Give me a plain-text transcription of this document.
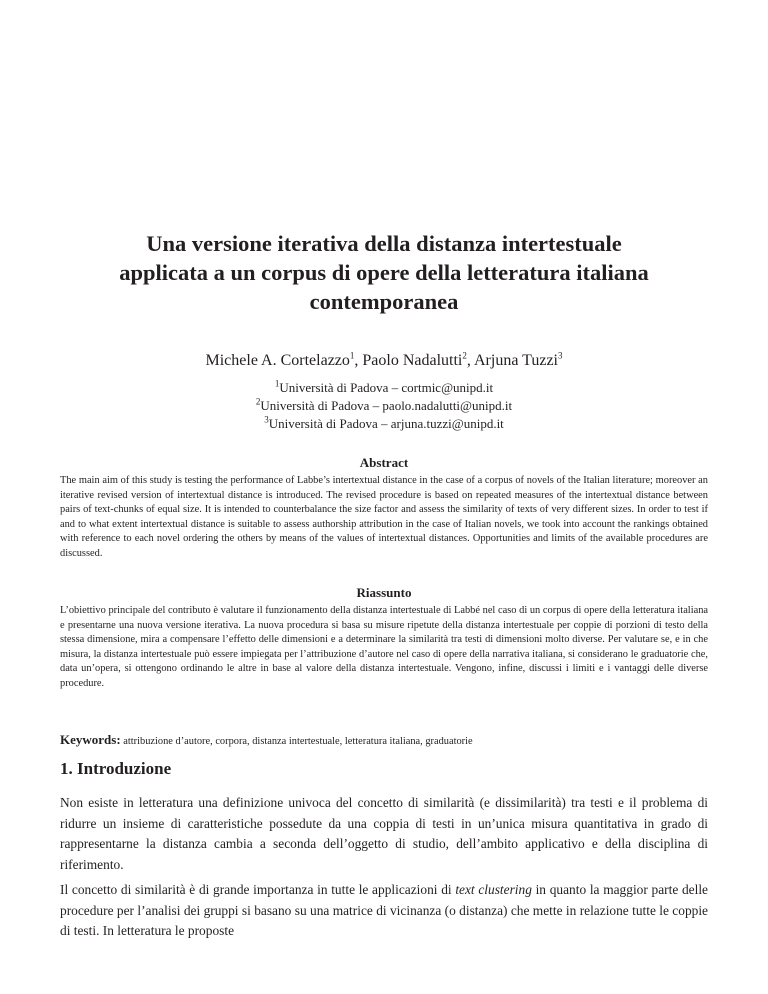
Una versione iterativa della distanza intertestuale
applicata a un corpus di opere della letteratura italiana
contemporanea

Michele A. Cortelazzo$^1$, Paolo Nadalutti$^2$, Arjuna Tuzzi$^3$

$^1$Università di Padova – cortmic@unipd.it
$^2$Università di Padova – paolo.nadalutti@unipd.it
$^3$Università di Padova – arjuna.tuzzi@unipd.it
Abstract

The main aim of this study is testing the performance of Labbe’s intertextual distance in the case of a corpus of novels of the Italian literature; moreover an iterative revised version of intertextual distance is introduced. The revised procedure is based on repeated measures of the intertextual distance between pairs of text-chunks of equal size. It is intended to counterbalance the size factor and assess the similarity of texts of very different sizes. In order to test if and to what extent intertextual distance is suitable to assess authorship attribution in the case of Italian novels, we took into account the rankings obtained with reference to each novel ordering the others by means of the values of intertextual distances. Opportunities and limits of the available procedures are discussed.

Riassunto

L’obiettivo principale del contributo è valutare il funzionamento della distanza intertestuale di Labbé nel caso di un corpus di opere della letteratura italiana e presentarne una nuova versione iterativa. La nuova procedura si basa su misure ripetute della distanza intertestuale per coppie di porzioni di testo della stessa dimensione, mira a compensare l’effetto delle dimensioni e a determinare la similarità tra testi di dimensioni molto diverse. Per valutare se, e in che misura, la distanza intertestuale può essere impiegata per l’attribuzione d’autore nel caso di opere della narrativa italiana, si considerano le graduatorie che, data un’opera, si ottengono ordinando le altre in base al valore della distanza intertestuale. Vengono, infine, discussi i limiti e i vantaggi delle diverse procedure.

Keywords: attribuzione d’autore, corpora, distanza intertestuale, letteratura italiana, graduatorie

1. Introduzione

Non esiste in letteratura una definizione univoca del concetto di similarità (e dissimilarità) tra testi e il problema di ridurre un insieme di caratteristiche possedute da una coppia di testi in un’unica misura quantitativa in grado di rappresentarne la distanza cambia a seconda dell’oggetto di studio, dell’ambito applicativo e della disciplina di riferimento.

Il concetto di similarità è di grande importanza in tutte le applicazioni di text clustering in quanto la maggior parte delle procedure per l’analisi dei gruppi si basano su una matrice di vicinanza (o distanza) che mette in relazione tutte le coppie di testi. In letteratura le proposte
